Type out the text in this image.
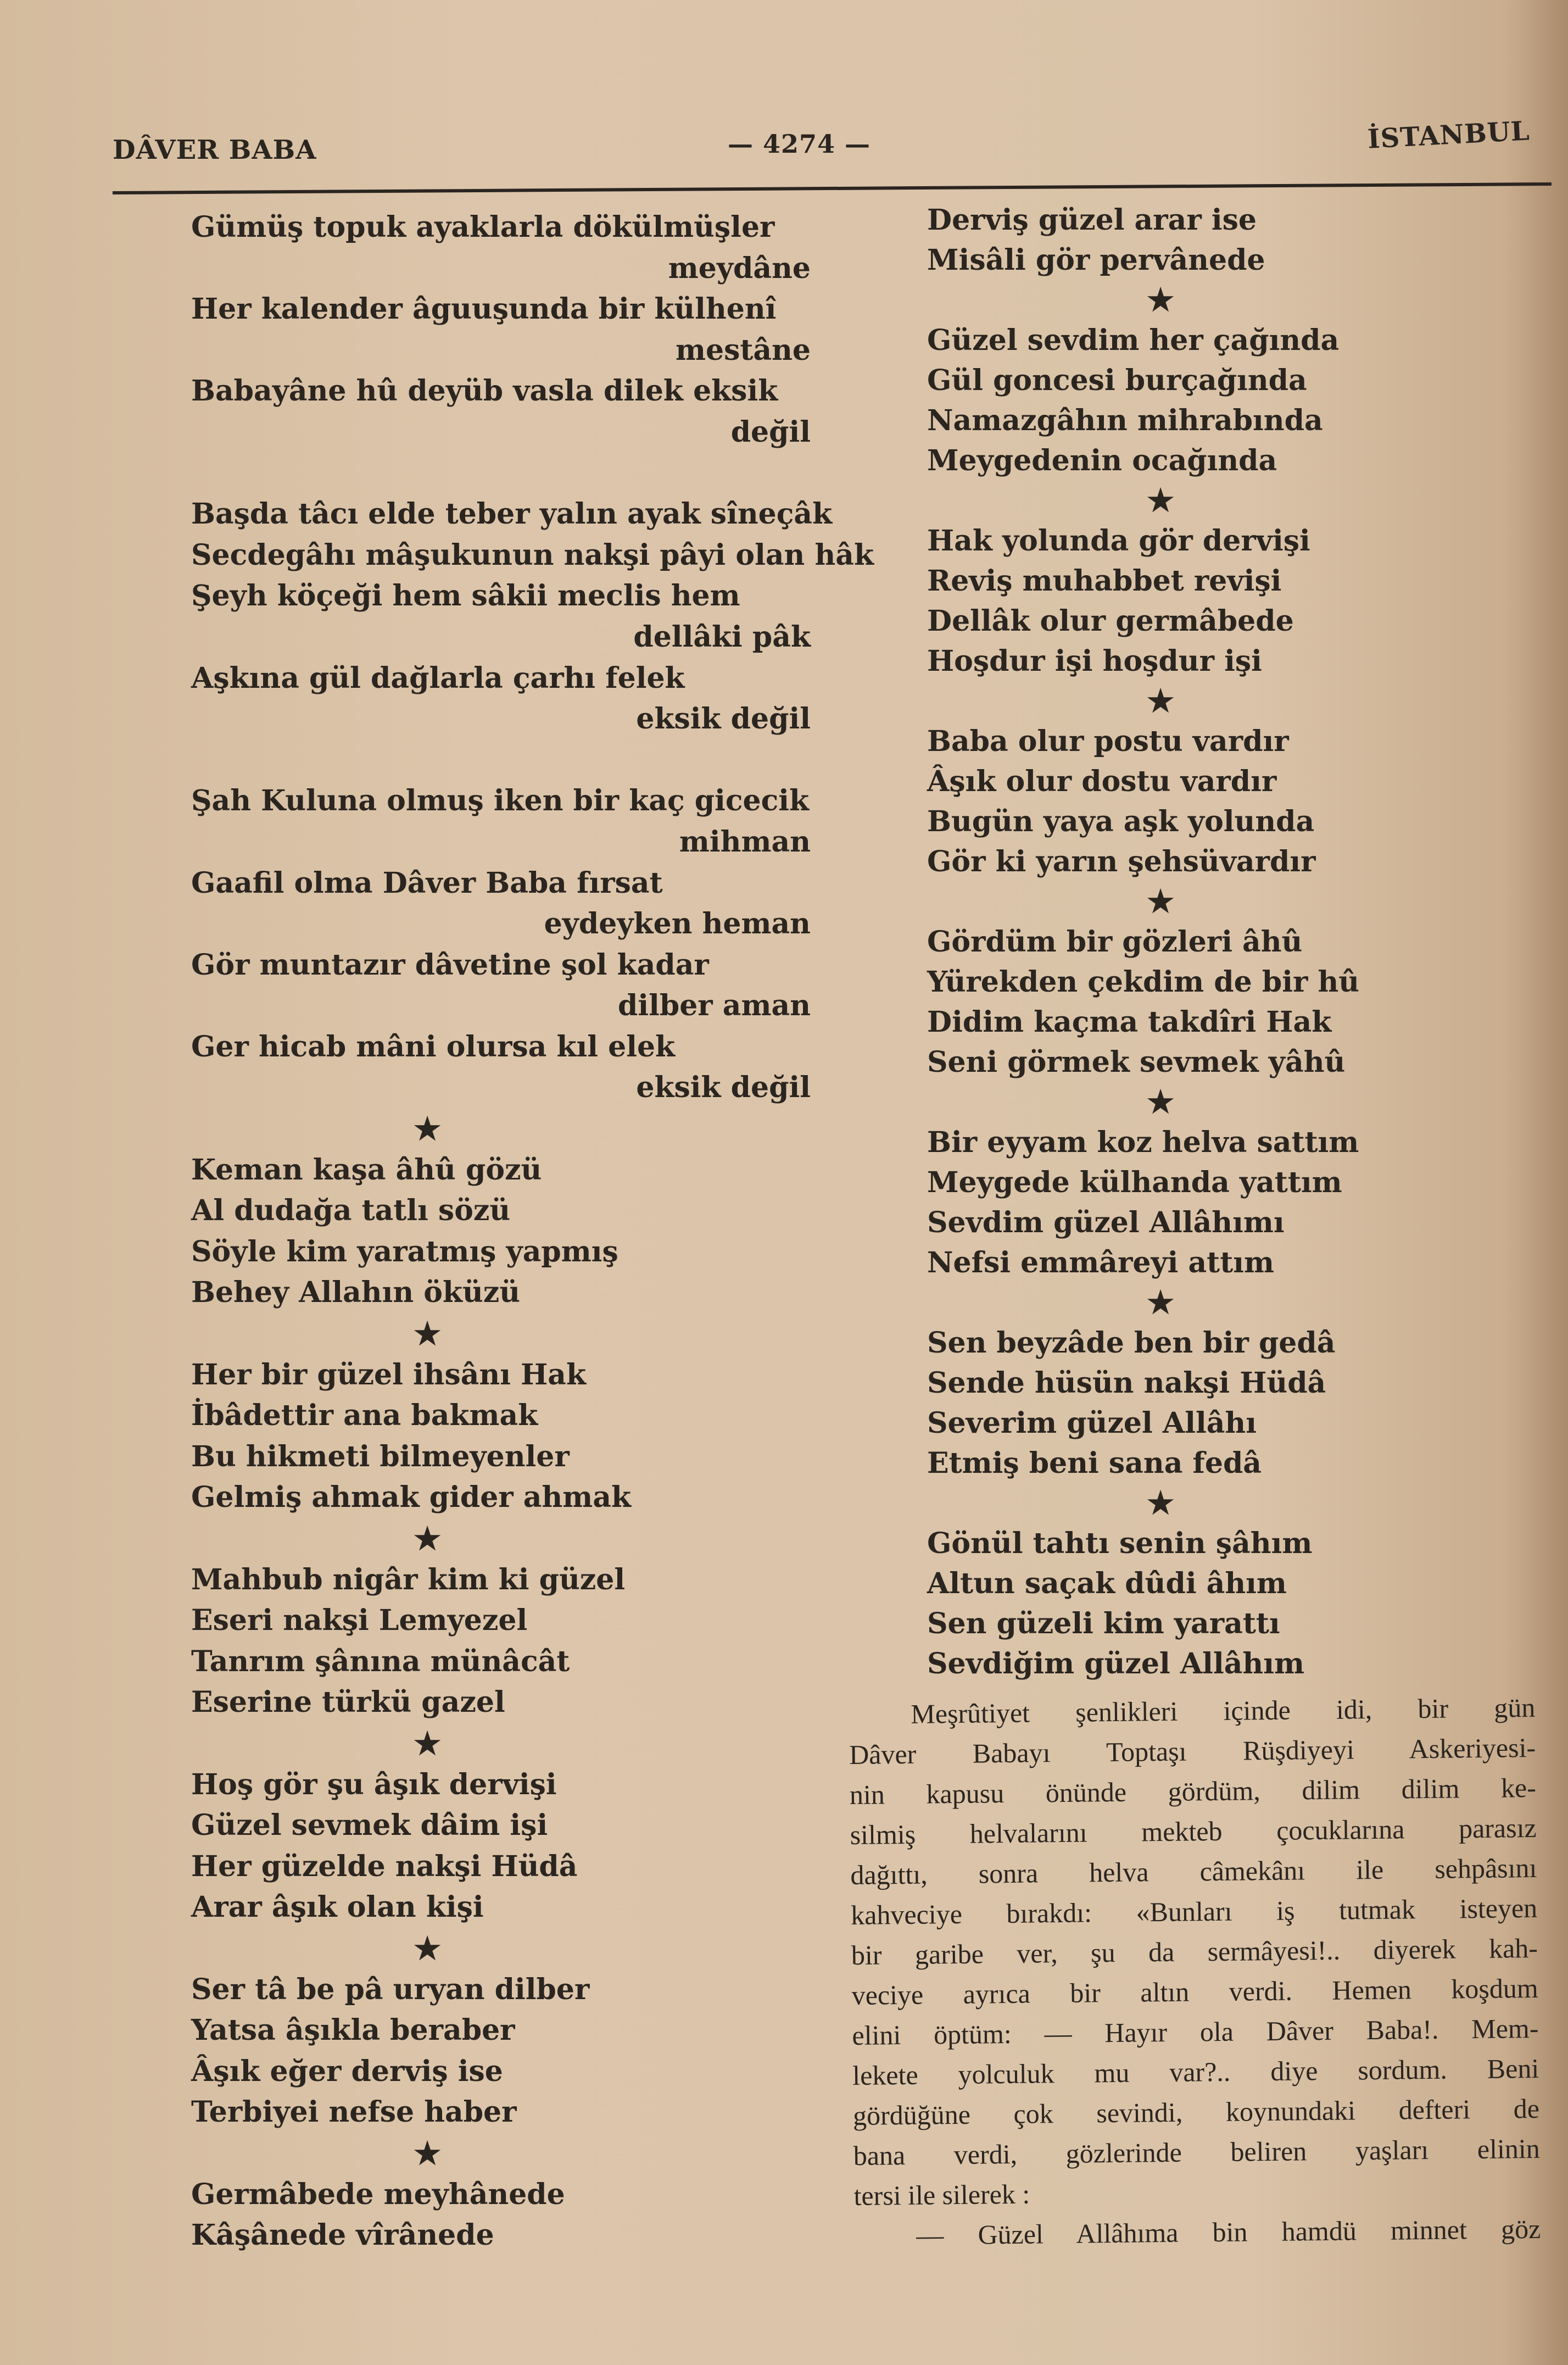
DÂVER BABA	— 4274 —	İSTANBUL
Gümüş topuk ayaklarla dökülmüşler
meydâne
Her kalender âguuşunda bir külhenî
mestâne
Babayâne hû deyüb vasla dilek eksik
değil
Başda tâcı elde teber yalın ayak sîneçâk
Secdegâhı mâşukunun nakşi pâyi olan hâk
Şeyh köçeği hem sâkii meclis hem
dellâki pâk
Aşkına gül dağlarla çarhı felek
eksik değil
Şah Kuluna olmuş iken bir kaç gicecik
mihman
Gaafil olma Dâver Baba fırsat
eydeyken heman
Gör muntazır dâvetine şol kadar
dilber aman
Ger hicab mâni olursa kıl elek
eksik değil
★
Keman kaşa âhû gözü
Al dudağa tatlı sözü
Söyle kim yaratmış yapmış
Behey Allahın öküzü
★
Her bir güzel ihsânı Hak
İbâdettir ana bakmak
Bu hikmeti bilmeyenler
Gelmiş ahmak gider ahmak
★
Mahbub nigâr kim ki güzel
Eseri nakşi Lemyezel
Tanrım şânına münâcât
Eserine türkü gazel
★
Hoş gör şu âşık dervişi
Güzel sevmek dâim işi
Her güzelde nakşi Hüdâ
Arar âşık olan kişi
★
Ser tâ be pâ uryan dilber
Yatsa âşıkla beraber
Âşık eğer derviş ise
Terbiyei nefse haber
★
Germâbede meyhânede
Kâşânede vîrânede
Derviş güzel arar ise
Misâli gör pervânede
★
Güzel sevdim her çağında
Gül goncesi burçağında
Namazgâhın mihrabında
Meygedenin ocağında
★
Hak yolunda gör dervişi
Reviş muhabbet revişi
Dellâk olur germâbede
Hoşdur işi hoşdur işi
★
Baba olur postu vardır
Âşık olur dostu vardır
Bugün yaya aşk yolunda
Gör ki yarın şehsüvardır
★
Gördüm bir gözleri âhû
Yürekden çekdim de bir hû
Didim kaçma takdîri Hak
Seni görmek sevmek yâhû
★
Bir eyyam koz helva sattım
Meygede külhanda yattım
Sevdim güzel Allâhımı
Nefsi emmâreyi attım
★
Sen beyzâde ben bir gedâ
Sende hüsün nakşi Hüdâ
Severim güzel Allâhı
Etmiş beni sana fedâ
★
Gönül tahtı senin şâhım
Altun saçak dûdi âhım
Sen güzeli kim yarattı
Sevdiğim güzel Allâhım
Meşrûtiyet şenlikleri içinde idi, bir gün
Dâver Babayı Toptaşı Rüşdiyeyi Askeriyesi-
nin kapusu önünde gördüm, dilim dilim ke-
silmiş helvalarını mekteb çocuklarına parasız
dağıttı, sonra helva câmekânı ile sehpâsını
kahveciye bırakdı: «Bunları iş tutmak isteyen
bir garibe ver, şu da sermâyesi!.. diyerek kah-
veciye ayrıca bir altın verdi. Hemen koşdum
elini öptüm: — Hayır ola Dâver Baba!. Mem-
lekete yolculuk mu var?.. diye sordum. Beni
gördüğüne çok sevindi, koynundaki defteri de
bana verdi, gözlerinde beliren yaşları elinin
tersi ile silerek :
— Güzel Allâhıma bin hamdü minnet göz
